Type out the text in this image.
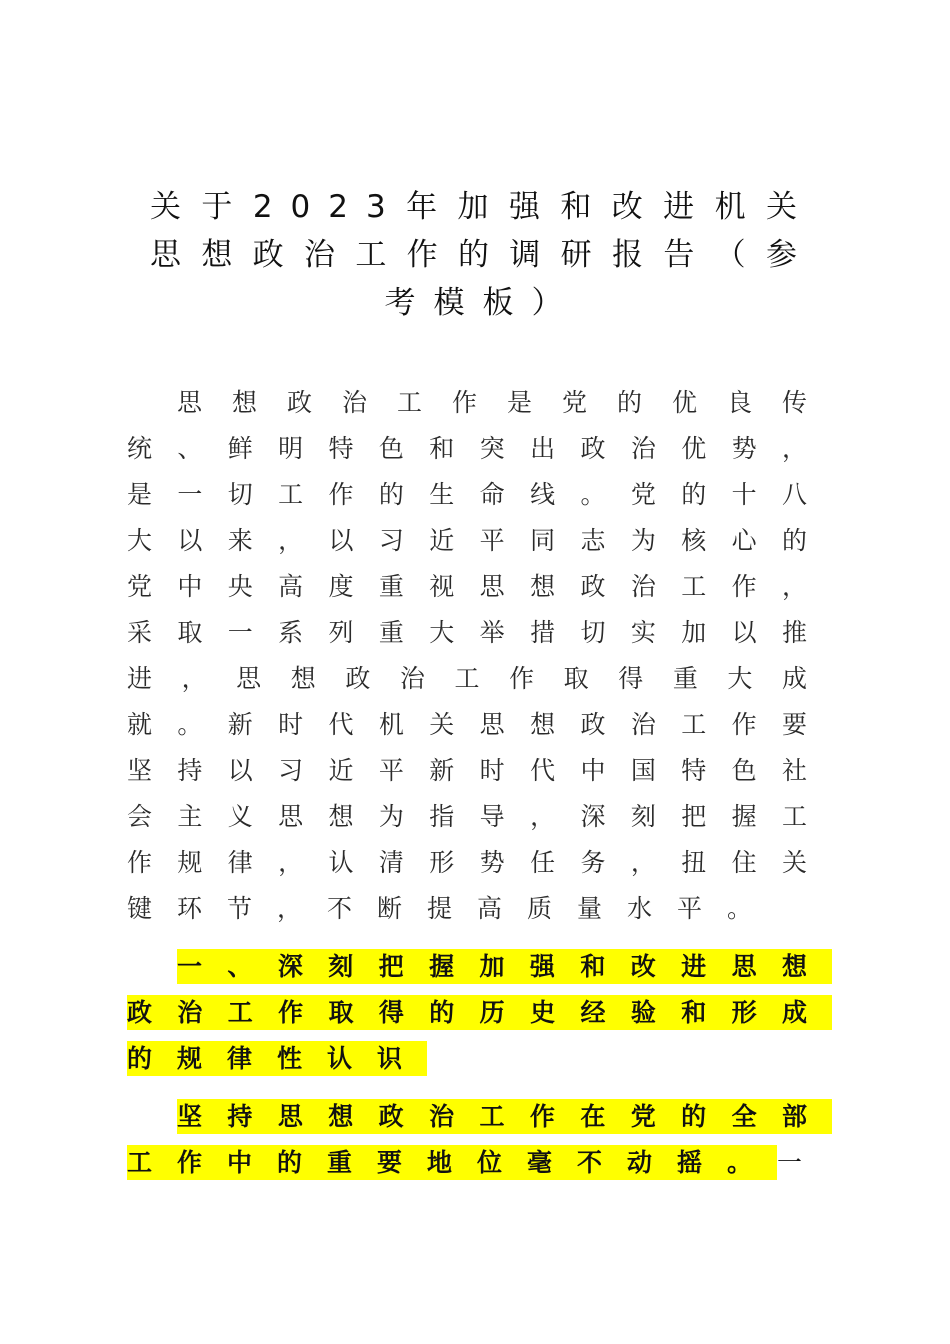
关于2023年加强和改进机关思想政治工作的调研报告（参考模板）

思想政治工作是党的优良传统、鲜明特色和突出政治优势，是一切工作的生命线。党的十八大以来，以习近平同志为核心的党中央高度重视思想政治工作，采取一系列重大举措切实加以推进，思想政治工作取得重大成就。新时代机关思想政治工作要坚持以习近平新时代中国特色社会主义思想为指导，深刻把握工作规律，认清形势任务，扭住关键环节，不断提高质量水平。

一、深刻把握加强和改进思想政治工作取得的历史经验和形成的规律性认识

坚持思想政治工作在党的全部工作中的重要地位毫不动摇。一
